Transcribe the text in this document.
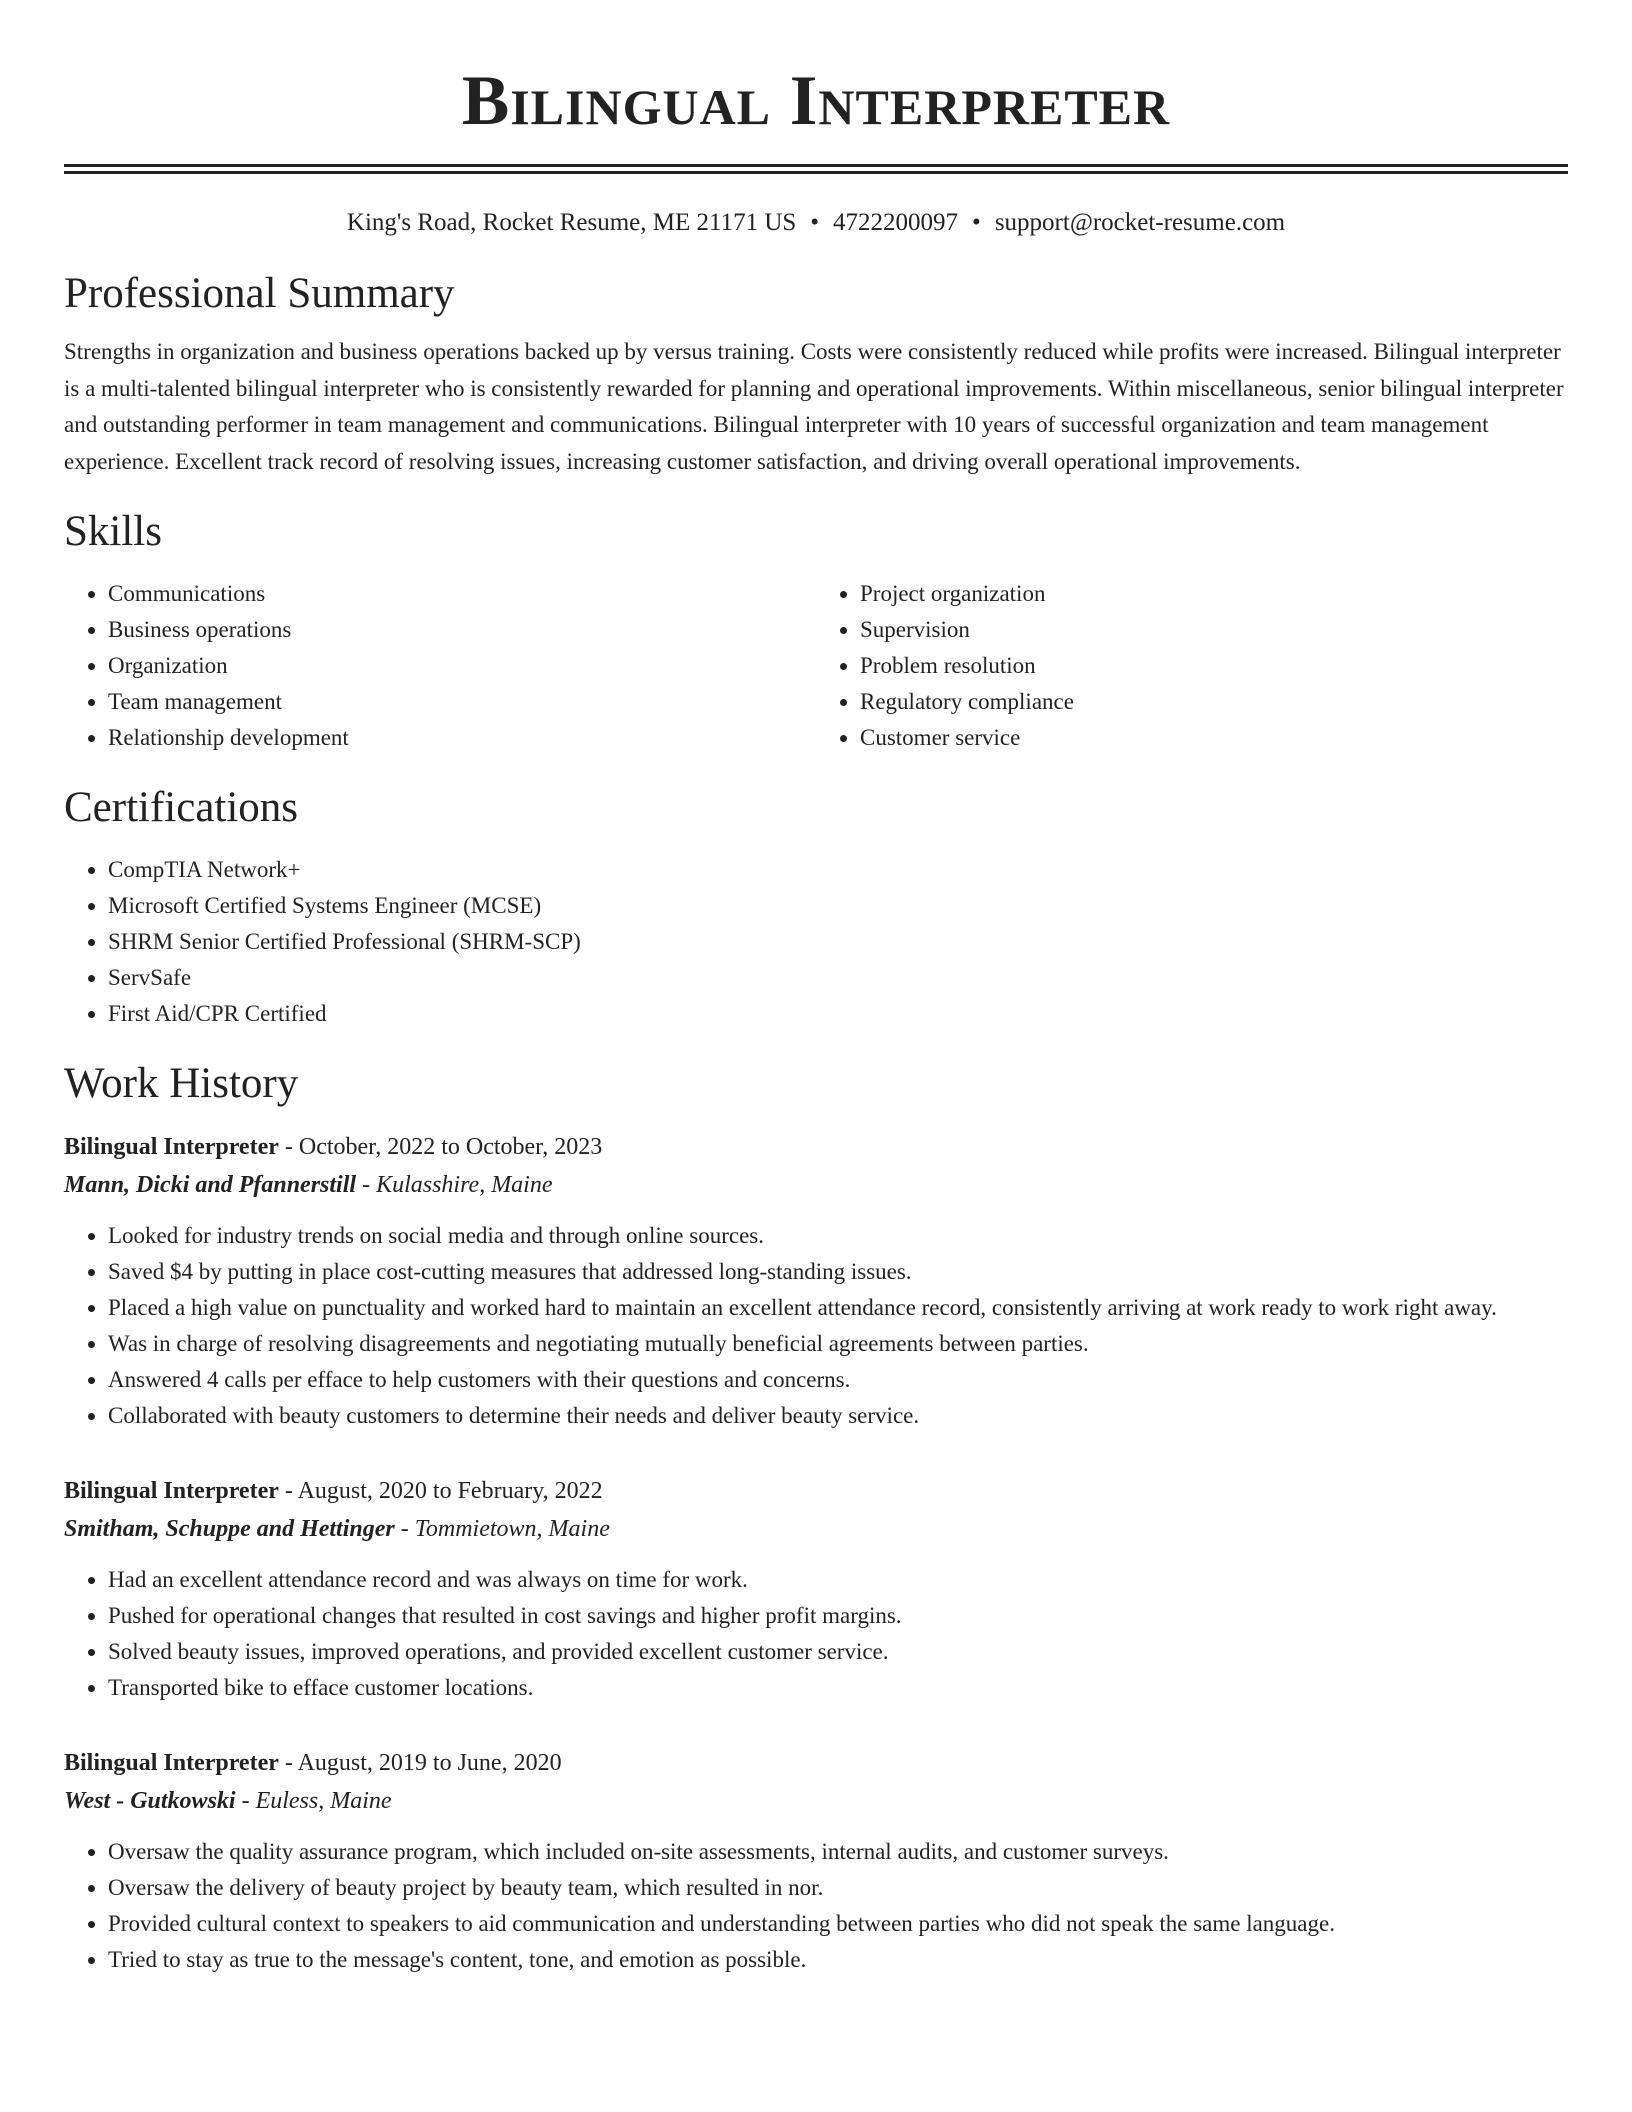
Bilingual Interpreter
King's Road, Rocket Resume, ME 21171 US • 4722200097 • support@rocket-resume.com
Professional Summary

Strengths in organization and business operations backed up by versus training. Costs were consistently reduced while profits were increased. Bilingual interpreter is a multi-talented bilingual interpreter who is consistently rewarded for planning and operational improvements. Within miscellaneous, senior bilingual interpreter and outstanding performer in team management and communications. Bilingual interpreter with 10 years of successful organization and team management experience. Excellent track record of resolving issues, increasing customer satisfaction, and driving overall operational improvements.

Skills
• Communications
• Business operations
• Organization
• Team management
• Relationship development
• Project organization
• Supervision
• Problem resolution
• Regulatory compliance
• Customer service
Certifications
• CompTIA Network+
• Microsoft Certified Systems Engineer (MCSE)
• SHRM Senior Certified Professional (SHRM-SCP)
• ServSafe
• First Aid/CPR Certified
Work History
Bilingual Interpreter - October, 2022 to October, 2023
Mann, Dicki and Pfannerstill - Kulasshire, Maine
• Looked for industry trends on social media and through online sources.
• Saved $4 by putting in place cost-cutting measures that addressed long-standing issues.
• Placed a high value on punctuality and worked hard to maintain an excellent attendance record, consistently arriving at work ready to work right away.
• Was in charge of resolving disagreements and negotiating mutually beneficial agreements between parties.
• Answered 4 calls per efface to help customers with their questions and concerns.
• Collaborated with beauty customers to determine their needs and deliver beauty service.
Bilingual Interpreter - August, 2020 to February, 2022
Smitham, Schuppe and Hettinger - Tommietown, Maine
• Had an excellent attendance record and was always on time for work.
• Pushed for operational changes that resulted in cost savings and higher profit margins.
• Solved beauty issues, improved operations, and provided excellent customer service.
• Transported bike to efface customer locations.
Bilingual Interpreter - August, 2019 to June, 2020
West - Gutkowski - Euless, Maine
• Oversaw the quality assurance program, which included on-site assessments, internal audits, and customer surveys.
• Oversaw the delivery of beauty project by beauty team, which resulted in nor.
• Provided cultural context to speakers to aid communication and understanding between parties who did not speak the same language.
• Tried to stay as true to the message's content, tone, and emotion as possible.
